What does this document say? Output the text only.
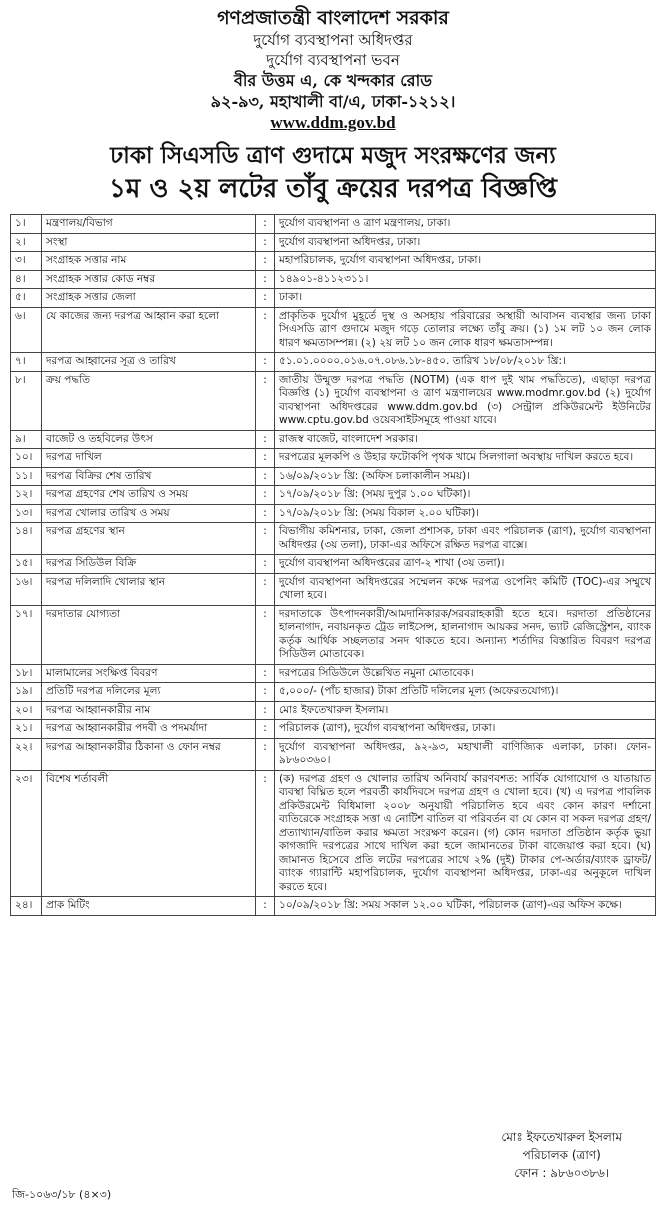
গণপ্রজাতন্ত্রী বাংলাদেশ সরকার
দুর্যোগ ব্যবস্থাপনা অধিদপ্তর
দুর্যোগ ব্যবস্থাপনা ভবন
বীর উত্তম এ, কে খন্দকার রোড
৯২-৯৩, মহাখালী বা/এ, ঢাকা-১২১২।
www.ddm.gov.bd
ঢাকা সিএসডি ত্রাণ গুদামে মজুদ সংরক্ষণের জন্য
১ম ও ২য় লটের তাঁবু ক্রয়ের দরপত্র বিজ্ঞপ্তি
১।	মন্ত্রণালয়/বিভাগ	:	দুর্যোগ ব্যবস্থাপনা ও ত্রাণ মন্ত্রণালয়, ঢাকা।
২।	সংস্থা	:	দুর্যোগ ব্যবস্থাপনা অধিদপ্তর, ঢাকা।
৩।	সংগ্রাহক সত্তার নাম	:	মহাপরিচালক, দুর্যোগ ব্যবস্থাপনা অধিদপ্তর, ঢাকা।
৪।	সংগ্রাহক সত্তার কোড নম্বর	:	১৪৯০১-৪১১২৩১১।
৫।	সংগ্রাহক সত্তার জেলা	:	ঢাকা।
৬।	যে কাজের জন্য দরপত্র আহ্বান করা হলো	:	প্রাকৃতিক দুর্যোগ মুহূর্তে দুস্থ ও অসহায় পরিবারের অস্থায়ী আবাসন ব্যবস্থার জন্য ঢাকা সিএসডি ত্রাণ গুদামে মজুদ গড়ে তোলার লক্ষ্যে তাঁবু ক্রয়। (১) ১ম লট ১০ জন লোক ধারণ ক্ষমতাসম্পন্ন। (২) ২য় লট ১০ জন লোক ধারণ ক্ষমতাসম্পন্ন।
৭।	দরপত্র আহ্বানের সূত্র ও তারিখ	:	৫১.০১.০০০০.০১৬.০৭.০৮৬.১৮-৪৫০. তারিখ ১৮/০৮/২০১৮ খ্রি:।
৮।	ক্রয় পদ্ধতি	:	জাতীয় উন্মুক্ত দরপত্র পদ্ধতি (NOTM) (এক ধাপ দুই খাম পদ্ধতিতে), এছাড়া দরপত্র বিজ্ঞপ্তি (১) দুর্যোগ ব্যবস্থাপনা ও ত্রাণ মন্ত্রণালয়ের www.modmr.gov.bd (২) দুর্যোগ ব্যবস্থাপনা অধিদপ্তরের www.ddm.gov.bd (৩) সেন্ট্রাল প্রকিউরমেন্ট ইউনিটের www.cptu.gov.bd ওয়েবসাইটসমূহে পাওয়া যাবে।
৯।	বাজেট ও তহবিলের উৎস	:	রাজস্ব বাজেট, বাংলাদেশ সরকার।
১০।	দরপত্র দাখিল	:	দরপত্রের মূলকপি ও উহার ফটোকপি পৃথক খামে সিলগালা অবস্থায় দাখিল করতে হবে।
১১।	দরপত্র বিক্রির শেষ তারিখ	:	১৬/০৯/২০১৮ খ্রি: (অফিস চলাকালীন সময়)।
১২।	দরপত্র গ্রহণের শেষ তারিখ ও সময়	:	১৭/০৯/২০১৮ খ্রি: (সময় দুপুর ১.০০ ঘটিকা)।
১৩।	দরপত্র খোলার তারিখ ও সময়	:	১৭/০৯/২০১৮ খ্রি: (সময় বিকাল ২.০০ ঘটিকা)।
১৪।	দরপত্র গ্রহণের স্থান	:	বিভাগীয় কমিশনার, ঢাকা, জেলা প্রশাসক, ঢাকা এবং পরিচালক (ত্রাণ), দুর্যোগ ব্যবস্থাপনা অধিদপ্তর (৩য় তলা), ঢাকা-এর অফিসে রক্ষিত দরপত্র বাক্সে।
১৫।	দরপত্র সিডিউল বিক্রি	:	দুর্যোগ ব্যবস্থাপনা অধিদপ্তরের ত্রাণ-২ শাখা (৩য় তলা)।
১৬।	দরপত্র দলিলাদি খোলার স্থান	:	দুর্যোগ ব্যবস্থাপনা অধিদপ্তরের সম্মেলন কক্ষে দরপত্র ওপেনিং কমিটি (TOC)-এর সম্মুখে খোলা হবে।
১৭।	দরদাতার যোগ্যতা	:	দরদাতাকে উৎপাদনকারী/আমদানিকারক/সরবরাহকারী হতে হবে। দরদাতা প্রতিষ্ঠানের হালনাগাদ, নবায়নকৃত ট্রেড লাইসেন্স, হালনাগাদ আয়কর সনদ, ভ্যাট রেজিস্ট্রেশন, ব্যাংক কর্তৃক আর্থিক সচ্ছলতার সনদ থাকতে হবে। অন্যান্য শর্তাদির বিস্তারিত বিবরণ দরপত্র সিডিউল মোতাবেক।
১৮।	মালামালের সংক্ষিপ্ত বিবরণ	:	দরপত্রের সিডিউলে উল্লেখিত নমুনা মোতাবেক।
১৯।	প্রতিটি দরপত্র দলিলের মূল্য	:	৫,০০০/- (পাঁচ হাজার) টাকা প্রতিটি দলিলের মূল্য (অফেরতযোগ্য)।
২০।	দরপত্র আহ্বানকারীর নাম	:	মোঃ ইফতেখারুল ইসলাম।
২১।	দরপত্র আহ্বানকারীর পদবী ও পদমর্যাদা	:	পরিচালক (ত্রাণ), দুর্যোগ ব্যবস্থাপনা অধিদপ্তর, ঢাকা।
২২।	দরপত্র আহ্বানকারীর ঠিকানা ও ফোন নম্বর	:	দুর্যোগ ব্যবস্থাপনা অধিদপ্তর, ৯২-৯৩, মহাখালী বাণিজ্যিক এলাকা, ঢাকা। ফোন- ৯৮৬০৩৬০।
২৩।	বিশেষ শর্তাবলী	:	(ক) দরপত্র গ্রহণ ও খোলার তারিখ অনিবার্য কারণবশত: সার্বিক যোগাযোগ ও যাতায়াত ব্যবস্থা বিঘ্নিত হলে পরবর্তী কার্যদিবসে দরপত্র গ্রহণ ও খোলা হবে। (খ) এ দরপত্র পাবলিক প্রকিউরমেন্ট বিধিমালা ২০০৮ অনুযায়ী পরিচালিত হবে এবং কোন কারণ দর্শানো ব্যতিরেকে সংগ্রাহক সত্তা এ নোটিশ বাতিল বা পরিবর্তন বা যে কোন বা সকল দরপত্র গ্রহণ/প্রত্যাখ্যান/বাতিল করার ক্ষমতা সংরক্ষণ করেন। (গ) কোন দরদাতা প্রতিষ্ঠান কর্তৃক ভুয়া কাগজাদি দরপত্রের সাথে দাখিল করা হলে জামানতের টাকা বাজেয়াপ্ত করা হবে। (ঘ) জামানত হিসেবে প্রতি লটের দরপত্রের সাথে ২% (দুই) টাকার পে-অর্ডার/ব্যাংক ড্রাফট/ব্যাংক গ্যারান্টি মহাপরিচালক, দুর্যোগ ব্যবস্থাপনা অধিদপ্তর, ঢাকা-এর অনুকূলে দাখিল করতে হবে।
২৪।	প্রাক মিটিং	:	১০/০৯/২০১৮ খ্রি: সময় সকাল ১২.০০ ঘটিকা, পরিচালক (ত্রাণ)-এর অফিস কক্ষে।
মোঃ ইফতেখারুল ইসলাম
পরিচালক (ত্রাণ)
ফোন : ৯৮৬০৩৮৬।
জি-১০৬৩/১৮ (৪×৩)
